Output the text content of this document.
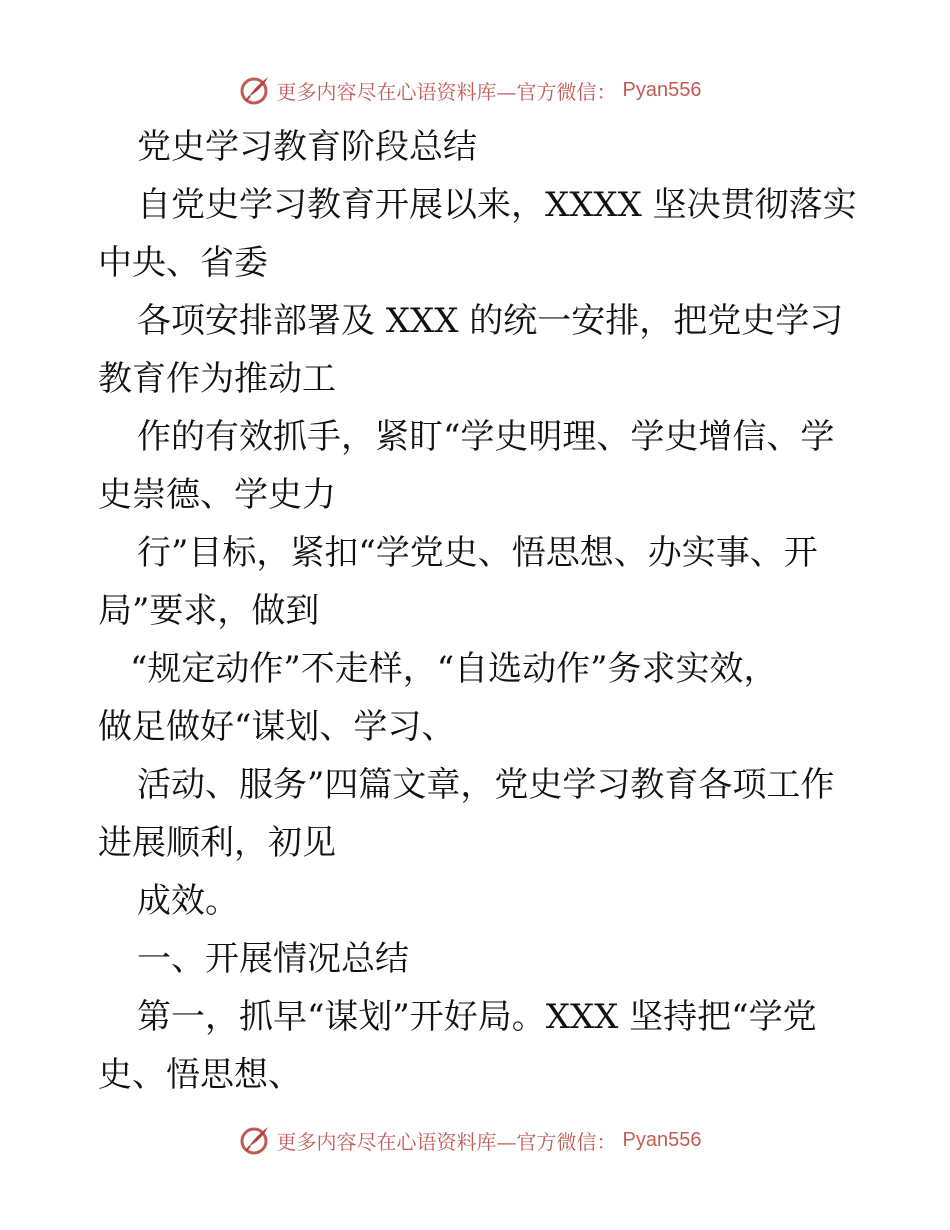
更多内容尽在心语资料库—官方微信： Pyan556
党史学习教育阶段总结
自党史学习教育开展以来，XXXX 坚决贯彻落实
中央、省委
各项安排部署及 XXX 的统一安排，把党史学习
教育作为推动工
作的有效抓手，紧盯“学史明理、学史增信、学
史崇德、学史力
行”目标，紧扣“学党史、悟思想、办实事、开
局”要求，做到
“规定动作”不走样，“自选动作”务求实效，
做足做好“谋划、学习、
活动、服务”四篇文章，党史学习教育各项工作
进展顺利，初见
成效。
一、开展情况总结
第一，抓早“谋划”开好局。XXX 坚持把“学党
史、悟思想、
更多内容尽在心语资料库—官方微信： Pyan556
